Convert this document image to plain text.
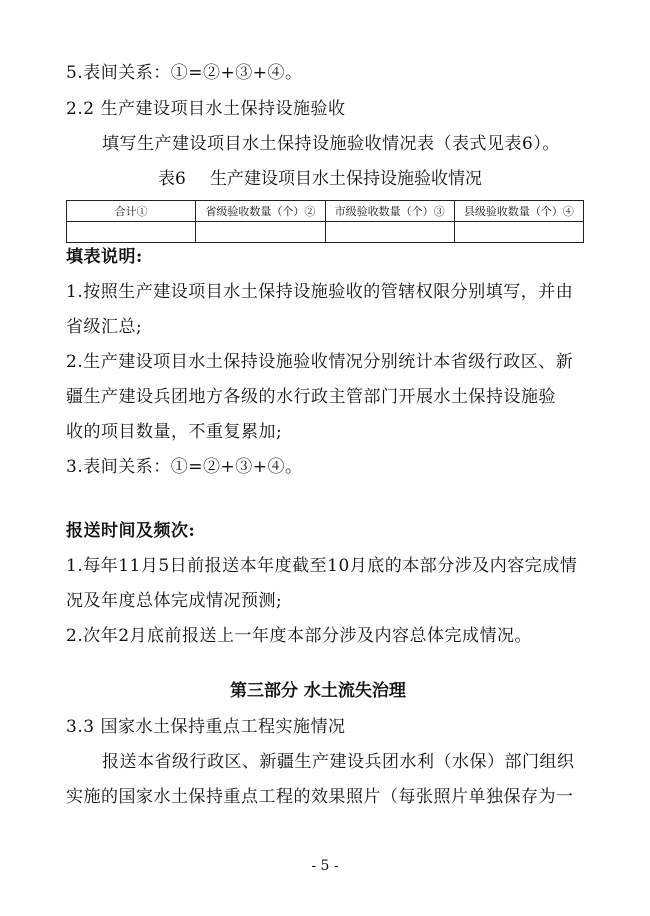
5.表间关系：①=②+③+④。
2.2 生产建设项目水土保持设施验收
填写生产建设项目水土保持设施验收情况表（表式见表6）。
表6 生产建设项目水土保持设施验收情况
合计①	省级验收数量（个）②	市级验收数量（个）③	县级验收数量（个）④

填表说明:
1.按照生产建设项目水土保持设施验收的管辖权限分别填写，并由
省级汇总;
2.生产建设项目水土保持设施验收情况分别统计本省级行政区、新
疆生产建设兵团地方各级的水行政主管部门开展水土保持设施验
收的项目数量，不重复累加;
3.表间关系：①=②+③+④。
报送时间及频次:
1.每年11月5日前报送本年度截至10月底的本部分涉及内容完成情
况及年度总体完成情况预测;
2.次年2月底前报送上一年度本部分涉及内容总体完成情况。
第三部分 水土流失治理
3.3 国家水土保持重点工程实施情况
报送本省级行政区、新疆生产建设兵团水利（水保）部门组织
实施的国家水土保持重点工程的效果照片（每张照片单独保存为一
- 5 -
